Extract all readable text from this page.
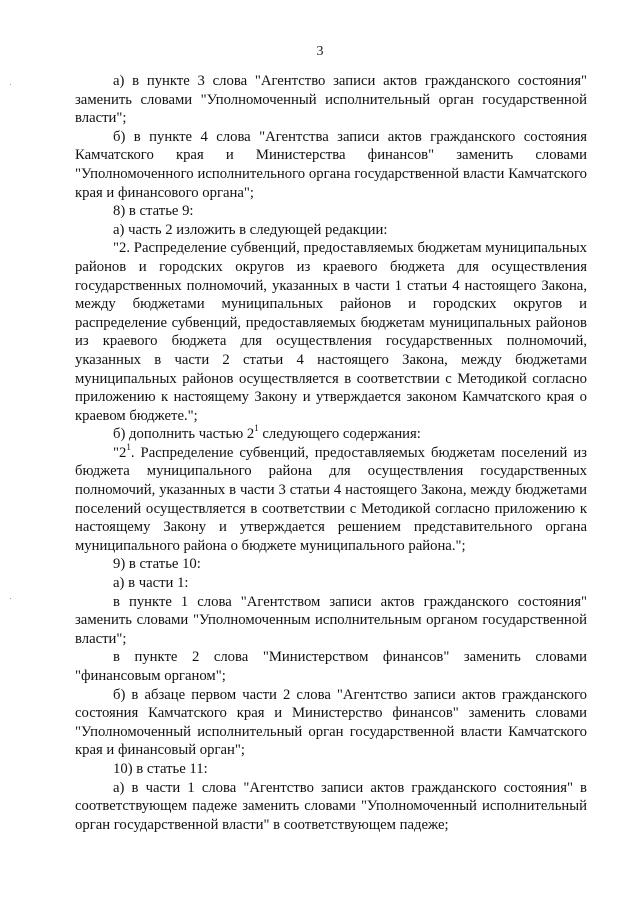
3

а) в пункте 3 слова "Агентство записи актов гражданского состояния" заменить словами "Уполномоченный исполнительный орган государственной власти";

б) в пункте 4 слова "Агентства записи актов гражданского состояния Камчатского края и Министерства финансов" заменить словами "Уполномоченного исполнительного органа государственной власти Камчатского края и финансового органа";

8) в статье 9:

а) часть 2 изложить в следующей редакции:

"2. Распределение субвенций, предоставляемых бюджетам муниципальных районов и городских округов из краевого бюджета для осуществления государственных полномочий, указанных в части 1 статьи 4 настоящего Закона, между бюджетами муниципальных районов и городских округов и распределение субвенций, предоставляемых бюджетам муниципальных районов из краевого бюджета для осуществления государственных полномочий, указанных в части 2 статьи 4 настоящего Закона, между бюджетами муниципальных районов осуществляется в соответствии с Методикой согласно приложению к настоящему Закону и утверждается законом Камчатского края о краевом бюджете.";

б) дополнить частью $2^1$ следующего содержания:

"$2^1$. Распределение субвенций, предоставляемых бюджетам поселений из бюджета муниципального района для осуществления государственных полномочий, указанных в части 3 статьи 4 настоящего Закона, между бюджетами поселений осуществляется в соответствии с Методикой согласно приложению к настоящему Закону и утверждается решением представительного органа муниципального района о бюджете муниципального района.";

9) в статье 10:

а) в части 1:

в пункте 1 слова "Агентством записи актов гражданского состояния" заменить словами "Уполномоченным исполнительным органом государственной власти";

в пункте 2 слова "Министерством финансов" заменить словами "финансовым органом";

б) в абзаце первом части 2 слова "Агентство записи актов гражданского состояния Камчатского края и Министерство финансов" заменить словами "Уполномоченный исполнительный орган государственной власти Камчатского края и финансовый орган";

10) в статье 11:

а) в части 1 слова "Агентство записи актов гражданского состояния" в соответствующем падеже заменить словами "Уполномоченный исполнительный орган государственной власти" в соответствующем падеже;
